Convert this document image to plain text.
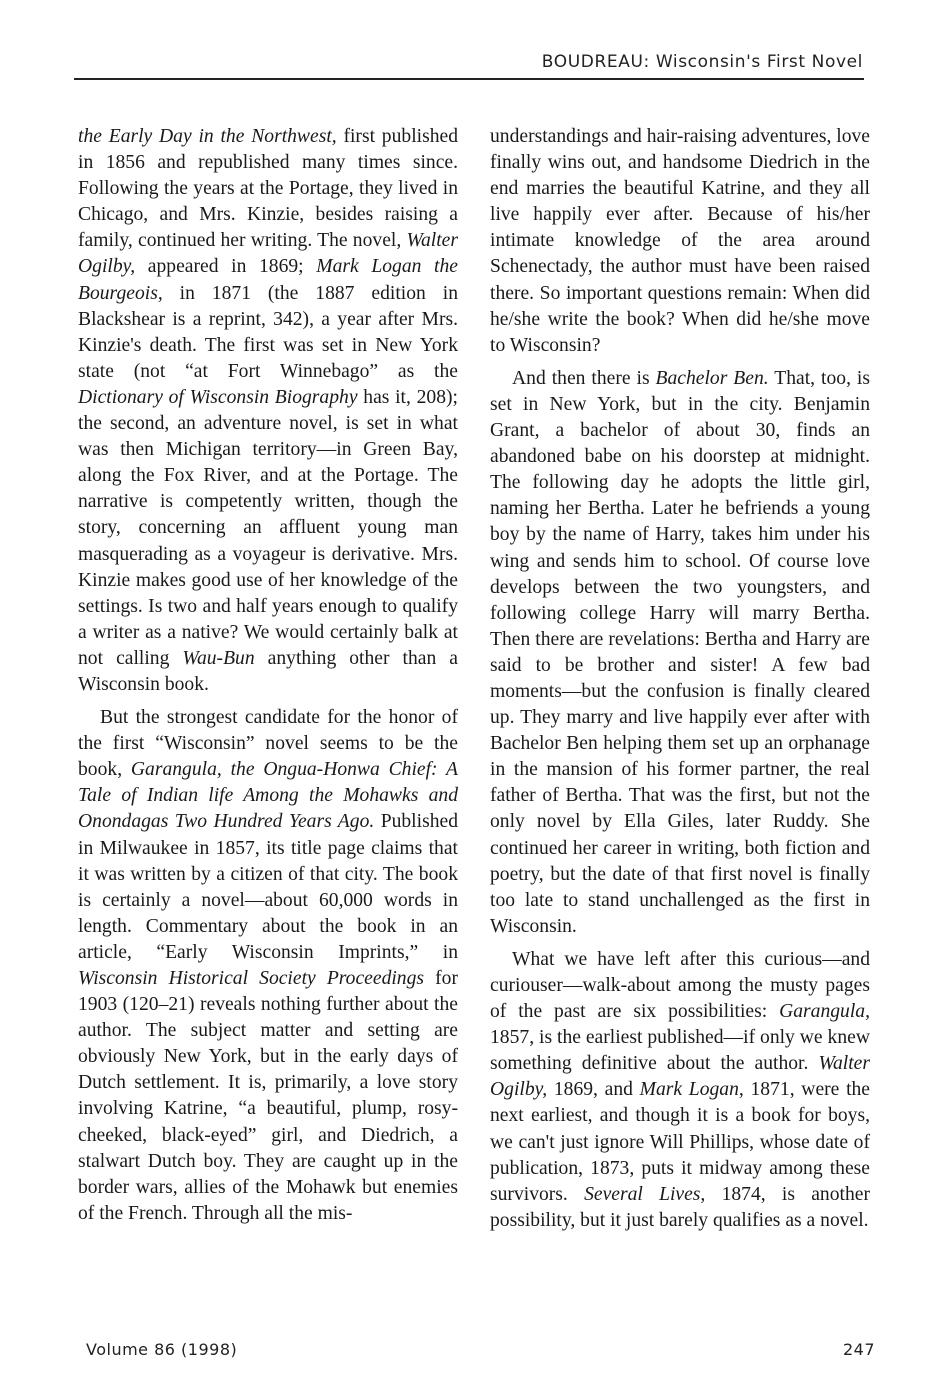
BOUDREAU: Wisconsin's First Novel

the Early Day in the Northwest, first published in 1856 and republished many times since. Following the years at the Portage, they lived in Chicago, and Mrs. Kinzie, besides raising a family, continued her writing. The novel, Walter Ogilby, appeared in 1869; Mark Logan the Bourgeois, in 1871 (the 1887 edition in Blackshear is a reprint, 342), a year after Mrs. Kinzie's death. The first was set in New York state (not “at Fort Winnebago” as the Dictionary of Wisconsin Biography has it, 208); the second, an adventure novel, is set in what was then Michigan territory—in Green Bay, along the Fox River, and at the Portage. The narrative is competently written, though the story, concerning an affluent young man masquerading as a voyageur is derivative. Mrs. Kinzie makes good use of her knowledge of the settings. Is two and half years enough to qualify a writer as a native? We would certainly balk at not calling Wau-Bun anything other than a Wisconsin book.

But the strongest candidate for the honor of the first “Wisconsin” novel seems to be the book, Garangula, the Ongua-Honwa Chief: A Tale of Indian life Among the Mohawks and Onondagas Two Hundred Years Ago. Published in Milwaukee in 1857, its title page claims that it was written by a citizen of that city. The book is certainly a novel—about 60,000 words in length. Commentary about the book in an article, “Early Wisconsin Imprints,” in Wisconsin Historical Society Proceedings for 1903 (120–21) reveals nothing further about the author. The subject matter and setting are obviously New York, but in the early days of Dutch settlement. It is, primarily, a love story involving Katrine, “a beautiful, plump, rosy-cheeked, black-eyed” girl, and Diedrich, a stalwart Dutch boy. They are caught up in the border wars, allies of the Mohawk but enemies of the French. Through all the mis-

understandings and hair-raising adventures, love finally wins out, and handsome Diedrich in the end marries the beautiful Katrine, and they all live happily ever after. Because of his/her intimate knowledge of the area around Schenectady, the author must have been raised there. So important questions remain: When did he/she write the book? When did he/she move to Wisconsin?

And then there is Bachelor Ben. That, too, is set in New York, but in the city. Benjamin Grant, a bachelor of about 30, finds an abandoned babe on his doorstep at midnight. The following day he adopts the little girl, naming her Bertha. Later he befriends a young boy by the name of Harry, takes him under his wing and sends him to school. Of course love develops between the two youngsters, and following college Harry will marry Bertha. Then there are revelations: Bertha and Harry are said to be brother and sister! A few bad moments—but the confusion is finally cleared up. They marry and live happily ever after with Bachelor Ben helping them set up an orphanage in the mansion of his former partner, the real father of Bertha. That was the first, but not the only novel by Ella Giles, later Ruddy. She continued her career in writing, both fiction and poetry, but the date of that first novel is finally too late to stand unchallenged as the first in Wisconsin.

What we have left after this curious—and curiouser—walk-about among the musty pages of the past are six possibilities: Garangula, 1857, is the earliest published—if only we knew something definitive about the author. Walter Ogilby, 1869, and Mark Logan, 1871, were the next earliest, and though it is a book for boys, we can't just ignore Will Phillips, whose date of publication, 1873, puts it midway among these survivors. Several Lives, 1874, is another possibility, but it just barely qualifies as a novel.

Volume 86 (1998)	247
